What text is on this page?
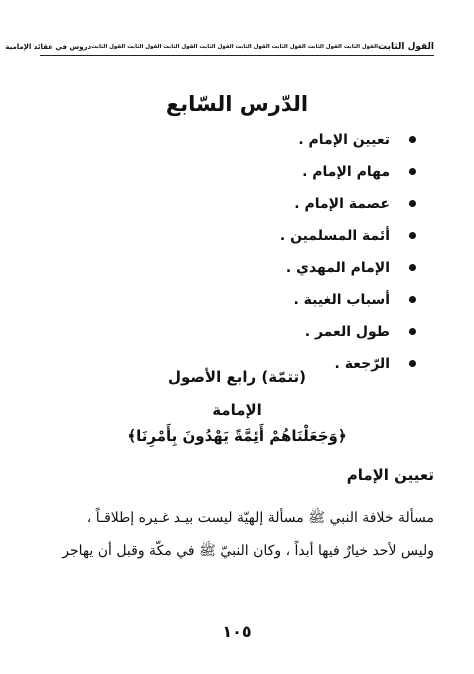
القول الثابت
القول الثابت القول الثابت القول الثابت القول الثابت القول الثابت القول الثابت القول الثابت القول الثابت
دروس في عقائد الإمامية
الدّرس السّابع
تعيين الإمام .
مهام الإمام .
عصمة الإمام .
أئمة المسلمين .
الإمام المهدي .
أسباب الغيبة .
طول العمر .
الرّجعة .
(تتمّة) رابع الأصول
الإمامة
﴿وَجَعَلْنَاهُمْ أَئِمَّةً يَهْدُونَ بِأَمْرِنَا﴾
تعيين الإمام
مسألة خلافة النبي ﷺ مسألة إلهيّة ليست بيـد غـيره إطلاقـاً ،
وليس لأحد خيارٌ فيها أبداً ، وكان النبيّ ﷺ في مكّة وقبل أن يهاجر
١٠٥
